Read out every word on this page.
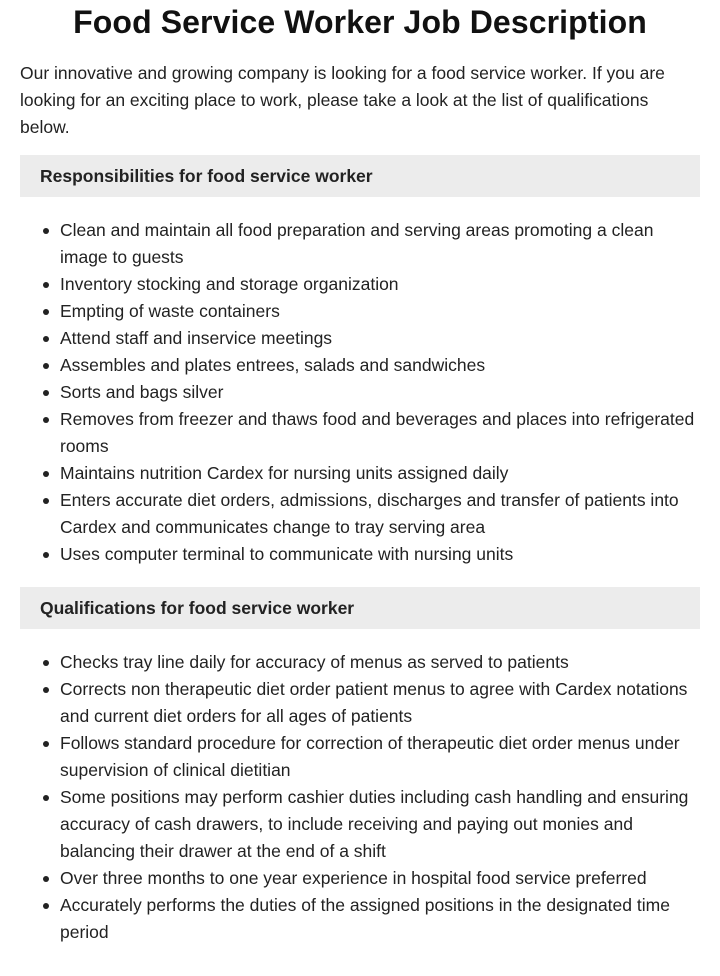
Food Service Worker Job Description

Our innovative and growing company is looking for a food service worker. If you are looking for an exciting place to work, please take a look at the list of qualifications below.

Responsibilities for food service worker
Clean and maintain all food preparation and serving areas promoting a clean image to guests
Inventory stocking and storage organization
Empting of waste containers
Attend staff and inservice meetings
Assembles and plates entrees, salads and sandwiches
Sorts and bags silver
Removes from freezer and thaws food and beverages and places into refrigerated rooms
Maintains nutrition Cardex for nursing units assigned daily
Enters accurate diet orders, admissions, discharges and transfer of patients into Cardex and communicates change to tray serving area
Uses computer terminal to communicate with nursing units
Qualifications for food service worker
Checks tray line daily for accuracy of menus as served to patients
Corrects non therapeutic diet order patient menus to agree with Cardex notations and current diet orders for all ages of patients
Follows standard procedure for correction of therapeutic diet order menus under supervision of clinical dietitian
Some positions may perform cashier duties including cash handling and ensuring accuracy of cash drawers, to include receiving and paying out monies and balancing their drawer at the end of a shift
Over three months to one year experience in hospital food service preferred
Accurately performs the duties of the assigned positions in the designated time period
